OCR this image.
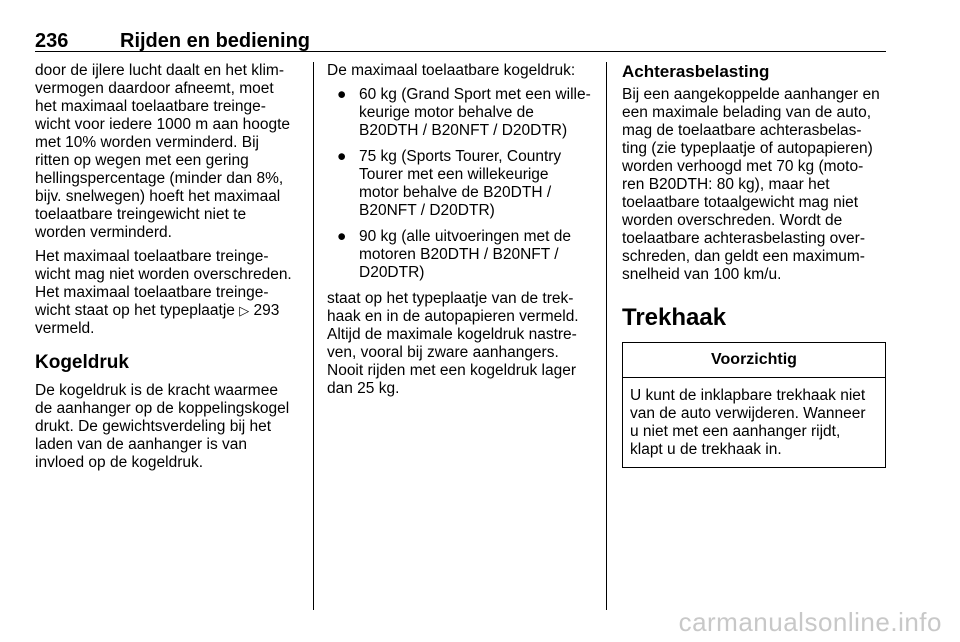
236	Rijden en bediening
door de ijlere lucht daalt en het klim-
vermogen daardoor afneemt, moet
het maximaal toelaatbare treinge-
wicht voor iedere 1000 m aan hoogte
met 10% worden verminderd. Bij
ritten op wegen met een gering
hellingspercentage (minder dan 8%,
bijv. snelwegen) hoeft het maximaal
toelaatbare treingewicht niet te
worden verminderd.
Het maximaal toelaatbare treinge-
wicht mag niet worden overschreden.
Het maximaal toelaatbare treinge-
wicht staat op het typeplaatje ▷ 293
vermeld.
Kogeldruk
De kogeldruk is de kracht waarmee
de aanhanger op de koppelingskogel
drukt. De gewichtsverdeling bij het
laden van de aanhanger is van
invloed op de kogeldruk.
De maximaal toelaatbare kogeldruk:
● 60 kg (Grand Sport met een wille-
keurige motor behalve de
B20DTH / B20NFT / D20DTR)
● 75 kg (Sports Tourer, Country
Tourer met een willekeurige
motor behalve de B20DTH /
B20NFT / D20DTR)
● 90 kg (alle uitvoeringen met de
motoren B20DTH / B20NFT /
D20DTR)
staat op het typeplaatje van de trek-
haak en in de autopapieren vermeld.
Altijd de maximale kogeldruk nastre-
ven, vooral bij zware aanhangers.
Nooit rijden met een kogeldruk lager
dan 25 kg.
Achterasbelasting
Bij een aangekoppelde aanhanger en
een maximale belading van de auto,
mag de toelaatbare achterasbelas-
ting (zie typeplaatje of autopapieren)
worden verhoogd met 70 kg (moto-
ren B20DTH: 80 kg), maar het
toelaatbare totaalgewicht mag niet
worden overschreden. Wordt de
toelaatbare achterasbelasting over-
schreden, dan geldt een maximum-
snelheid van 100 km/u.
Trekhaak
Voorzichtig
U kunt de inklapbare trekhaak niet
van de auto verwijderen. Wanneer
u niet met een aanhanger rijdt,
klapt u de trekhaak in.
carmanualsonline.info
